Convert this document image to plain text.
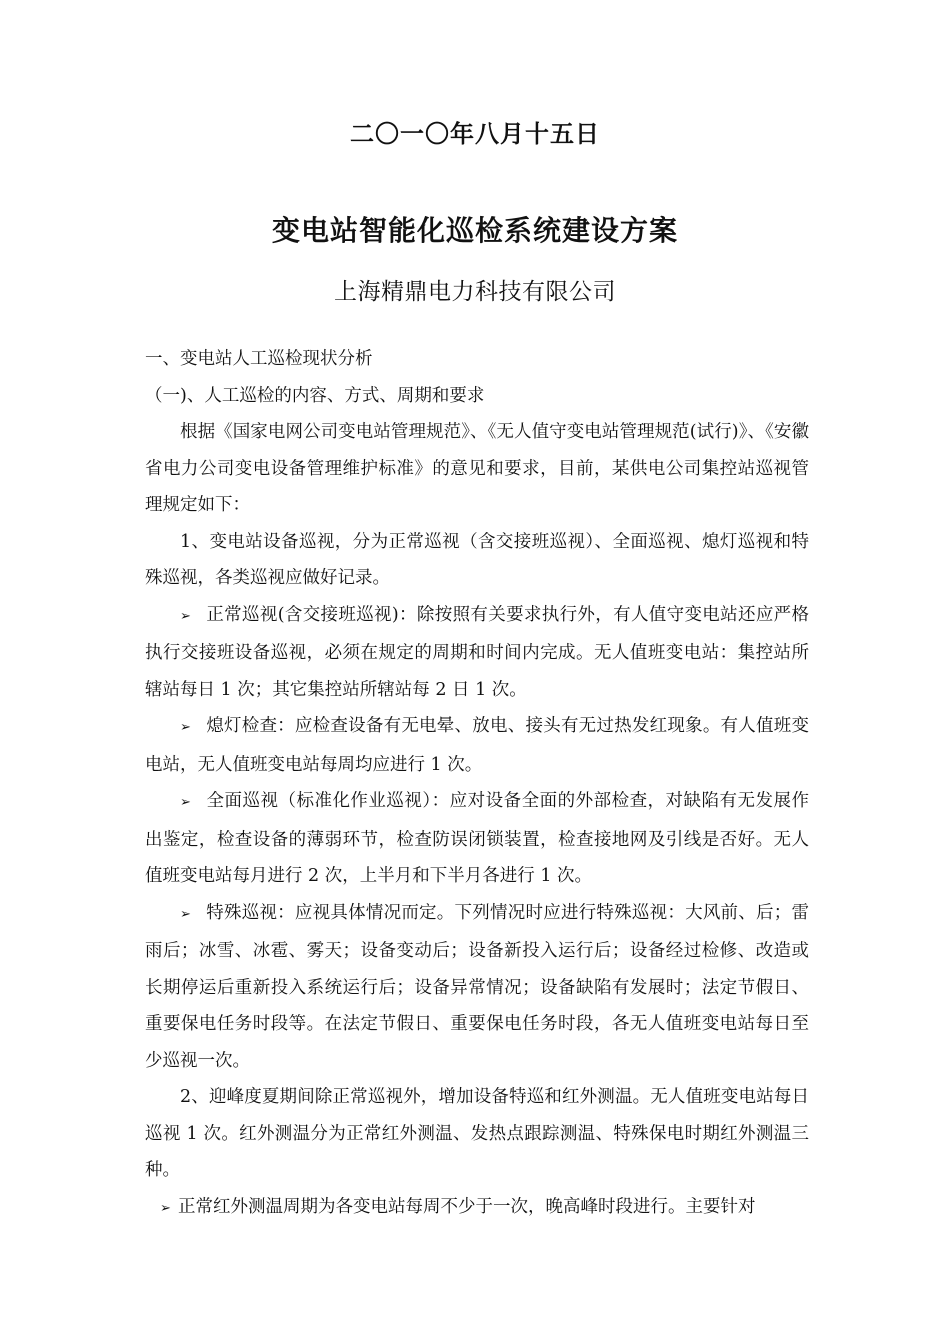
二〇一〇年八月十五日
变电站智能化巡检系统建设方案
上海精鼎电力科技有限公司

一、变电站人工巡检现状分析

（一)、人工巡检的内容、方式、周期和要求

根据《国家电网公司变电站管理规范》、《无人值守变电站管理规范(试行)》、《安徽省电力公司变电设备管理维护标准》的意见和要求，目前，某供电公司集控站巡视管理规定如下：

1、变电站设备巡视，分为正常巡视（含交接班巡视）、全面巡视、熄灯巡视和特殊巡视，各类巡视应做好记录。

➢ 正常巡视(含交接班巡视)：除按照有关要求执行外，有人值守变电站还应严格执行交接班设备巡视，必须在规定的周期和时间内完成。无人值班变电站：集控站所辖站每日 1 次；其它集控站所辖站每 2 日 1 次。

➢ 熄灯检查：应检查设备有无电晕、放电、接头有无过热发红现象。有人值班变电站，无人值班变电站每周均应进行 1 次。

➢ 全面巡视（标准化作业巡视）：应对设备全面的外部检查，对缺陷有无发展作出鉴定，检查设备的薄弱环节，检查防误闭锁装置，检查接地网及引线是否好。无人值班变电站每月进行 2 次，上半月和下半月各进行 1 次。

➢ 特殊巡视：应视具体情况而定。下列情况时应进行特殊巡视：大风前、后；雷雨后；冰雪、冰雹、雾天；设备变动后；设备新投入运行后；设备经过检修、改造或长期停运后重新投入系统运行后；设备异常情况；设备缺陷有发展时；法定节假日、重要保电任务时段等。在法定节假日、重要保电任务时段，各无人值班变电站每日至少巡视一次。

2、迎峰度夏期间除正常巡视外，增加设备特巡和红外测温。无人值班变电站每日巡视 1 次。红外测温分为正常红外测温、发热点跟踪测温、特殊保电时期红外测温三种。

➢ 正常红外测温周期为各变电站每周不少于一次，晚高峰时段进行。主要针对
